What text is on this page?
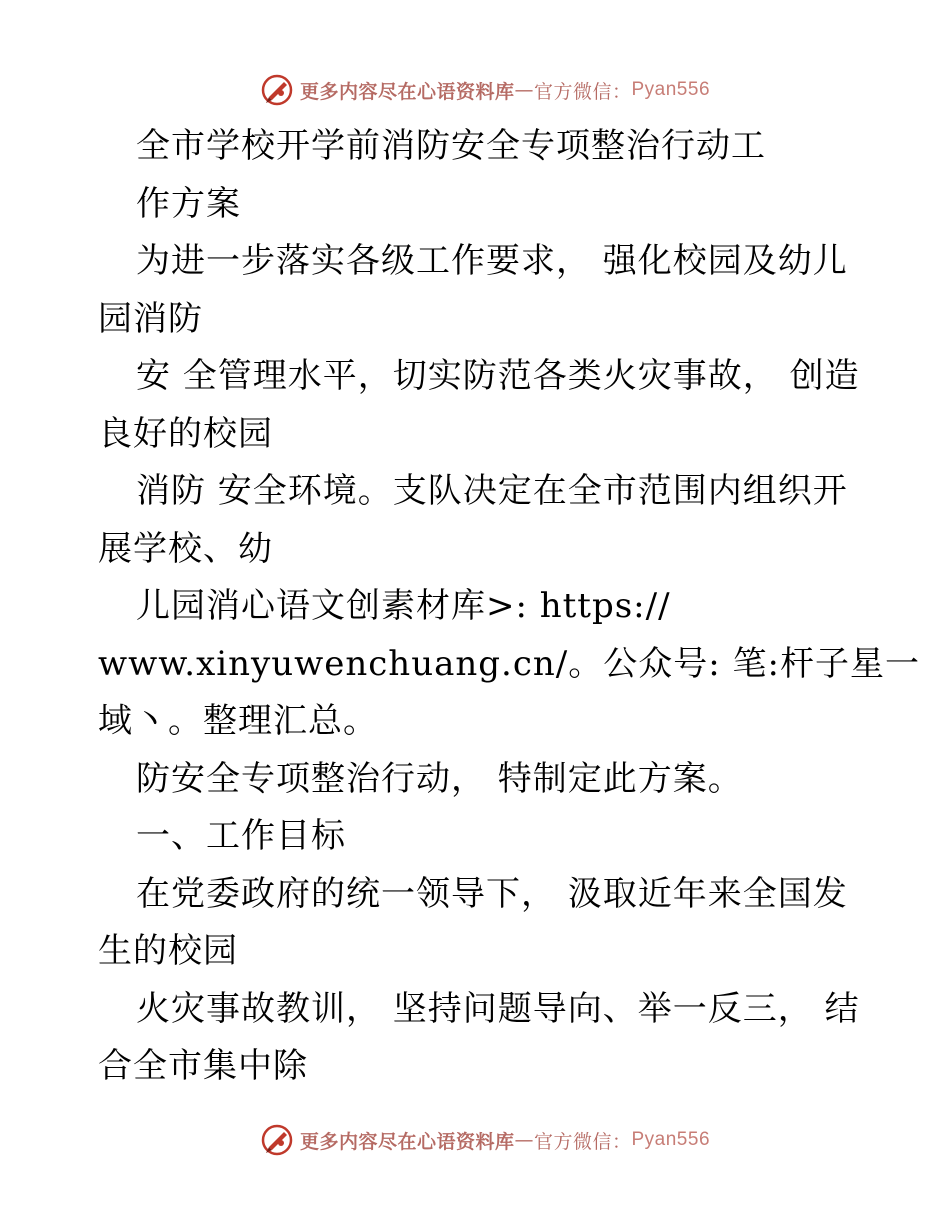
更多内容尽在心语资料库 — 官方微信： Pyan556
全市学校开学前消防安全专项整治行动工
作方案
为进一步落实各级工作要求， 强化校园及幼儿
园消防
安 全管理水平，切实防范各类火灾事故， 创造
良好的校园
消防 安全环境。支队决定在全市范围内组织开
展学校、幼
儿园消心语文创素材库>: https://
www.xinyuwenchuang.cn/。公众号: 笔:杆子星一
域丶。整理汇总。
防安全专项整治行动， 特制定此方案。
一、工作目标
在党委政府的统一领导下， 汲取近年来全国发
生的校园
火灾事故教训， 坚持问题导向、举一反三， 结
合全市集中除
更多内容尽在心语资料库 — 官方微信： Pyan556
